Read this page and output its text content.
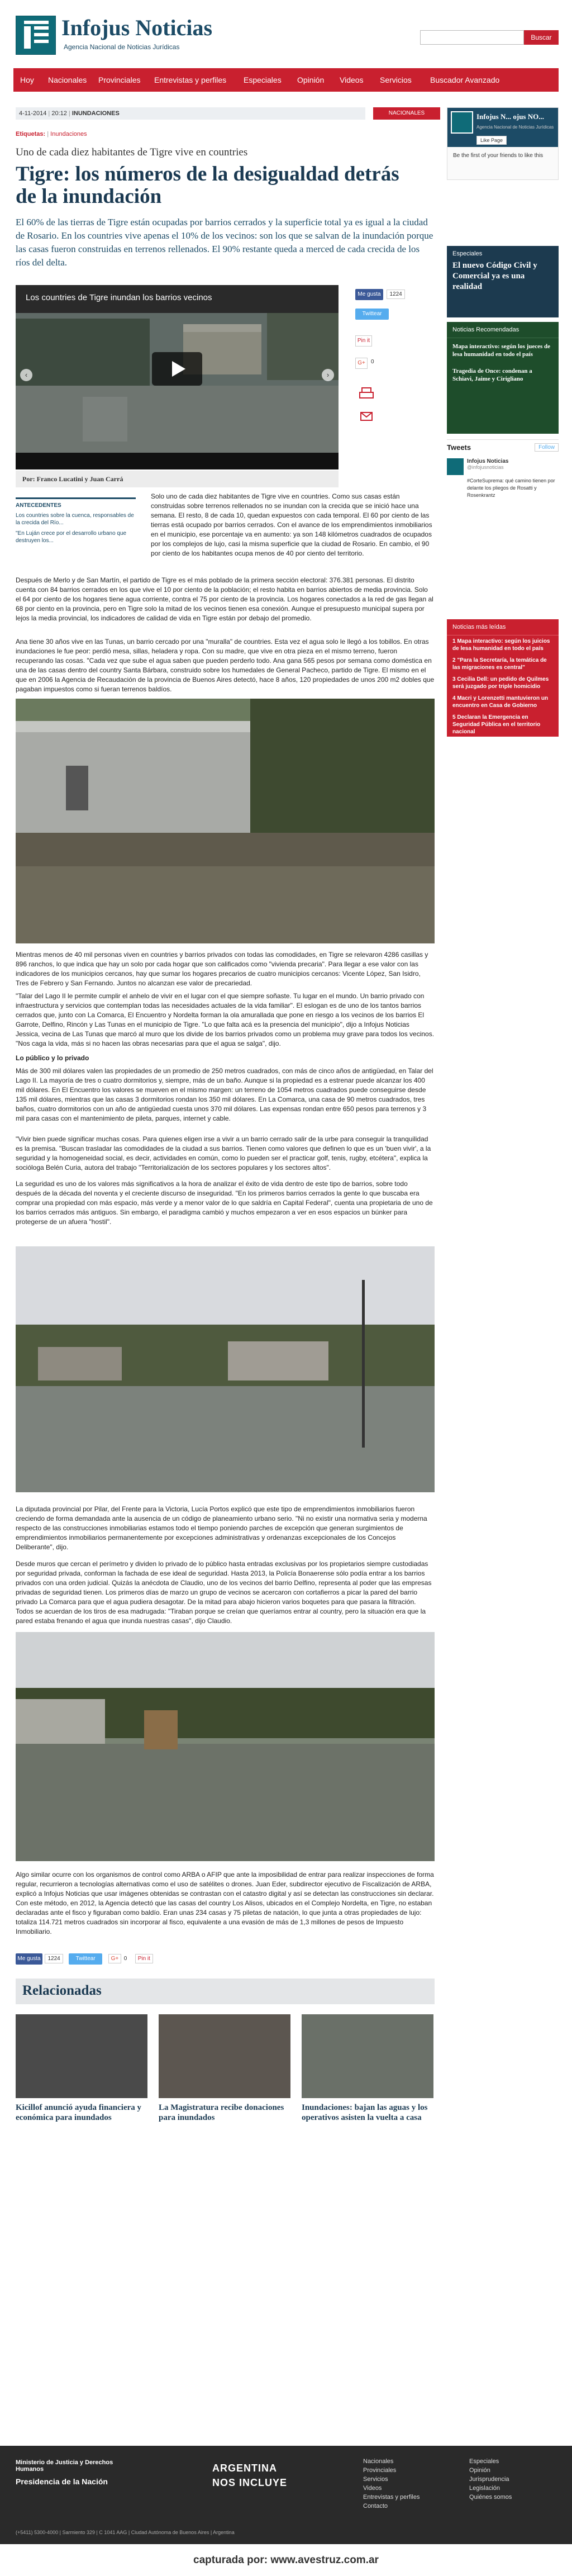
Infojus Noticias
Agencia Nacional de Noticias Jurídicas
Buscar
Hoy Nacionales Provinciales Entrevistas y perfiles Especiales Opinión Videos Servicios Buscador Avanzado
4-11-2014 | 20:12 | INUNDACIONES	NACIONALES
Etiquetas: | Inundaciones
Uno de cada diez habitantes de Tigre vive en countries
Tigre: los números de la desigualdad detrás de la inundación
El 60% de las tierras de Tigre están ocupadas por barrios cerrados y la superficie total ya es igual a la ciudad de Rosario. En los countries vive apenas el 10% de los vecinos: son los que se salvan de la inundación porque las casas fueron construidas en terrenos rellenados. El 90% restante queda a merced de cada crecida de los ríos del delta.
Los countries de Tigre inundan los barrios vecinos
‹	›
Por: Franco Lucatini y Juan Carrá
Me gusta 1224
Twittear
Pin it
G+	0
ANTECEDENTES
Los countries sobre la cuenca, responsables de la crecida del Río...
"En Luján crece por el desarrollo urbano que destruyen los...
Solo uno de cada diez habitantes de Tigre vive en countries. Como sus casas están construidas sobre terrenos rellenados no se inundan con la crecida que se inició hace una semana. El resto, 8 de cada 10, quedan expuestos con cada temporal. El 60 por ciento de las tierras está ocupado por barrios cerrados. Con el avance de los emprendimientos inmobiliarios en el municipio, ese porcentaje va en aumento: ya son 148 kilómetros cuadrados de ocupados por los complejos de lujo, casi la misma superficie que la ciudad de Rosario. En cambio, el 90 por ciento de los habitantes ocupa menos de 40 por ciento del territorio.
Después de Merlo y de San Martín, el partido de Tigre es el más poblado de la primera sección electoral: 376.381 personas. El distrito cuenta con 84 barrios cerrados en los que vive el 10 por ciento de la población; el resto habita en barrios abiertos de media provincia. Solo el 64 por ciento de los hogares tiene agua corriente, contra el 75 por ciento de la provincia. Los hogares conectados a la red de gas llegan al 68 por ciento en la provincia, pero en Tigre solo la mitad de los vecinos tienen esa conexión. Aunque el presupuesto municipal supera por lejos la media provincial, los indicadores de calidad de vida en Tigre están por debajo del promedio.
Ana tiene 30 años vive en las Tunas, un barrio cercado por una "muralla" de countries. Esta vez el agua solo le llegó a los tobillos. En otras inundaciones le fue peor: perdió mesa, sillas, heladera y ropa. Con su madre, que vive en otra pieza en el mismo terreno, fueron recuperando las cosas. "Cada vez que sube el agua saben que pueden perderlo todo. Ana gana 565 pesos por semana como doméstica en una de las casas dentro del country Santa Bárbara, construido sobre los humedales de General Pacheco, partido de Tigre. El mismo en el que en 2006 la Agencia de Recaudación de la provincia de Buenos Aires detectó, hace 8 años, 120 propiedades de unos 200 m2 dobles que pagaban impuestos como si fueran terrenos baldíos.
Mientras menos de 40 mil personas viven en countries y barrios privados con todas las comodidades, en Tigre se relevaron 4286 casillas y 896 ranchos, lo que indica que hay un solo por cada hogar que son calificados como "vivienda precaria". Para llegar a ese valor con las indicadores de los municipios cercanos, hay que sumar los hogares precarios de cuatro municipios cercanos: Vicente López, San Isidro, Tres de Febrero y San Fernando. Juntos no alcanzan ese valor de precariedad.
"Talar del Lago II le permite cumplir el anhelo de vivir en el lugar con el que siempre soñaste. Tu lugar en el mundo. Un barrio privado con infraestructura y servicios que contemplan todas las necesidades actuales de la vida familiar". El eslogan es de uno de los tantos barrios cerrados que, junto con La Comarca, El Encuentro y Nordelta forman la ola amurallada que pone en riesgo a los vecinos de los barrios El Garrote, Delfino, Rincón y Las Tunas en el municipio de Tigre. "Lo que falta acá es la presencia del municipio", dijo a Infojus Noticias Jessica, vecina de Las Tunas que marcó al muro que los divide de los barrios privados como un problema muy grave para todos los vecinos. "Nos caga la vida, más si no hacen las obras necesarias para que el agua se salga", dijo.
Lo público y lo privado
Más de 300 mil dólares valen las propiedades de un promedio de 250 metros cuadrados, con más de cinco años de antigüedad, en Talar del Lago II. La mayoría de tres o cuatro dormitorios y, siempre, más de un baño. Aunque si la propiedad es a estrenar puede alcanzar los 400 mil dólares. En El Encuentro los valores se mueven en el mismo margen: un terreno de 1054 metros cuadrados puede conseguirse desde 135 mil dólares, mientras que las casas 3 dormitorios rondan los 350 mil dólares. En La Comarca, una casa de 90 metros cuadrados, tres baños, cuatro dormitorios con un año de antigüedad cuesta unos 370 mil dólares. Las expensas rondan entre 650 pesos para terrenos y 3 mil para casas con el mantenimiento de pileta, parques, internet y cable.
"Vivir bien puede significar muchas cosas. Para quienes eligen irse a vivir a un barrio cerrado salir de la urbe para conseguir la tranquilidad es la premisa. "Buscan trasladar las comodidades de la ciudad a sus barrios. Tienen como valores que definen lo que es un 'buen vivir', a la seguridad y la homogeneidad social, es decir, actividades en común, como lo pueden ser el practicar golf, tenis, rugby, etcétera", explica la socióloga Belén Curia, autora del trabajo "Territorialización de los sectores populares y los sectores altos".
La seguridad es uno de los valores más significativos a la hora de analizar el éxito de vida dentro de este tipo de barrios, sobre todo después de la década del noventa y el creciente discurso de inseguridad. "En los primeros barrios cerrados la gente lo que buscaba era comprar una propiedad con más espacio, más verde y a menor valor de lo que saldría en Capital Federal", cuenta una propietaria de uno de los barrios cerrados más antiguos. Sin embargo, el paradigma cambió y muchos empezaron a ver en esos espacios un búnker para protegerse de un afuera "hostil".
La diputada provincial por Pilar, del Frente para la Victoria, Lucía Portos explicó que este tipo de emprendimientos inmobiliarios fueron creciendo de forma demandada ante la ausencia de un código de planeamiento urbano serio. "Ni no existir una normativa seria y moderna respecto de las construcciones inmobiliarias estamos todo el tiempo poniendo parches de excepción que generan surgimientos de emprendimientos inmobiliarios permanentemente por excepciones administrativas y ordenanzas excepcionales de los Concejos Deliberante", dijo.
Desde muros que cercan el perímetro y dividen lo privado de lo público hasta entradas exclusivas por los propietarios siempre custodiadas por seguridad privada, conforman la fachada de ese ideal de seguridad. Hasta 2013, la Policía Bonaerense sólo podía entrar a los barrios privados con una orden judicial. Quizás la anécdota de Claudio, uno de los vecinos del barrio Delfino, representa al poder que las empresas privadas de seguridad tienen. Los primeros días de marzo un grupo de vecinos se acercaron con cortafierros a picar la pared del barrio privado La Comarca para que el agua pudiera desagotar. De la mitad para abajo hicieron varios boquetes para que pasara la filtración. Todos se acuerdan de los tiros de esa madrugada: "Tiraban porque se creían que queríamos entrar al country, pero la situación era que la pared estaba frenando el agua que inunda nuestras casas", dijo Claudio.
Algo similar ocurre con los organismos de control como ARBA o AFIP que ante la imposibilidad de entrar para realizar inspecciones de forma regular, recurrieron a tecnologías alternativas como el uso de satélites o drones. Juan Eder, subdirector ejecutivo de Fiscalización de ARBA, explicó a Infojus Noticias que usar imágenes obtenidas se contrastan con el catastro digital y así se detectan las construcciones sin declarar. Con este método, en 2012, la Agencia detectó que las casas del country Los Alisos, ubicados en el Complejo Nordelta, en Tigre, no estaban declaradas ante el fisco y figuraban como baldío. Eran unas 234 casas y 75 piletas de natación, lo que junta a otras propiedades de lujo: totaliza 114.721 metros cuadrados sin incorporar al fisco, equivalente a una evasión de más de 1,3 millones de pesos de Impuesto Inmobiliario.
Me gusta 1224	Twittear	G+ 0 Pin it
Relacionadas
Kicillof anunció ayuda financiera y económica para inundados
La Magistratura recibe donaciones para inundados
Inundaciones: bajan las aguas y los operativos asisten la vuelta a casa
Infojus N... ojus NO...
Agencia Nacional de Noticias Jurídicas
Like Page
Be the first of your friends to like this
Especiales
El nuevo Código Civil y Comercial ya es una realidad
Noticias Recomendadas
Mapa interactivo: según los jueces de lesa humanidad en todo el país
Tragedia de Once: condenan a Schiavi, Jaime y Cirigliano
Tweets	Follow
Infojus Noticias
@infojusnoticias
#CorteSuprema: qué camino tienen por delante los pliegos de Rosatti y Rosenkrantz
Noticias más leídas
1 Mapa interactivo: según los juicios de lesa humanidad en todo el país
2 "Para la Secretaría, la temática de las migraciones es central"
3 Cecilia Dell: un pedido de Quilmes será juzgado por triple homicidio
4 Macri y Lorenzetti mantuvieron un encuentro en Casa de Gobierno
5 Declaran la Emergencia en Seguridad Pública en el territorio nacional
Ministerio de Justicia y Derechos Humanos
Presidencia de la Nación
ARGENTINA
NOS INCLUYE
Nacionales
Provinciales
Servicios
Videos
Entrevistas y perfiles
Contacto
Especiales
Opinión
Jurisprudencia
Legislación
Quiénes somos
(+5411) 5300-4000 | Sarmiento 329 | C 1041 AAG | Ciudad Autónoma de Buenos Aires | Argentina
capturada por: www.avestruz.com.ar
